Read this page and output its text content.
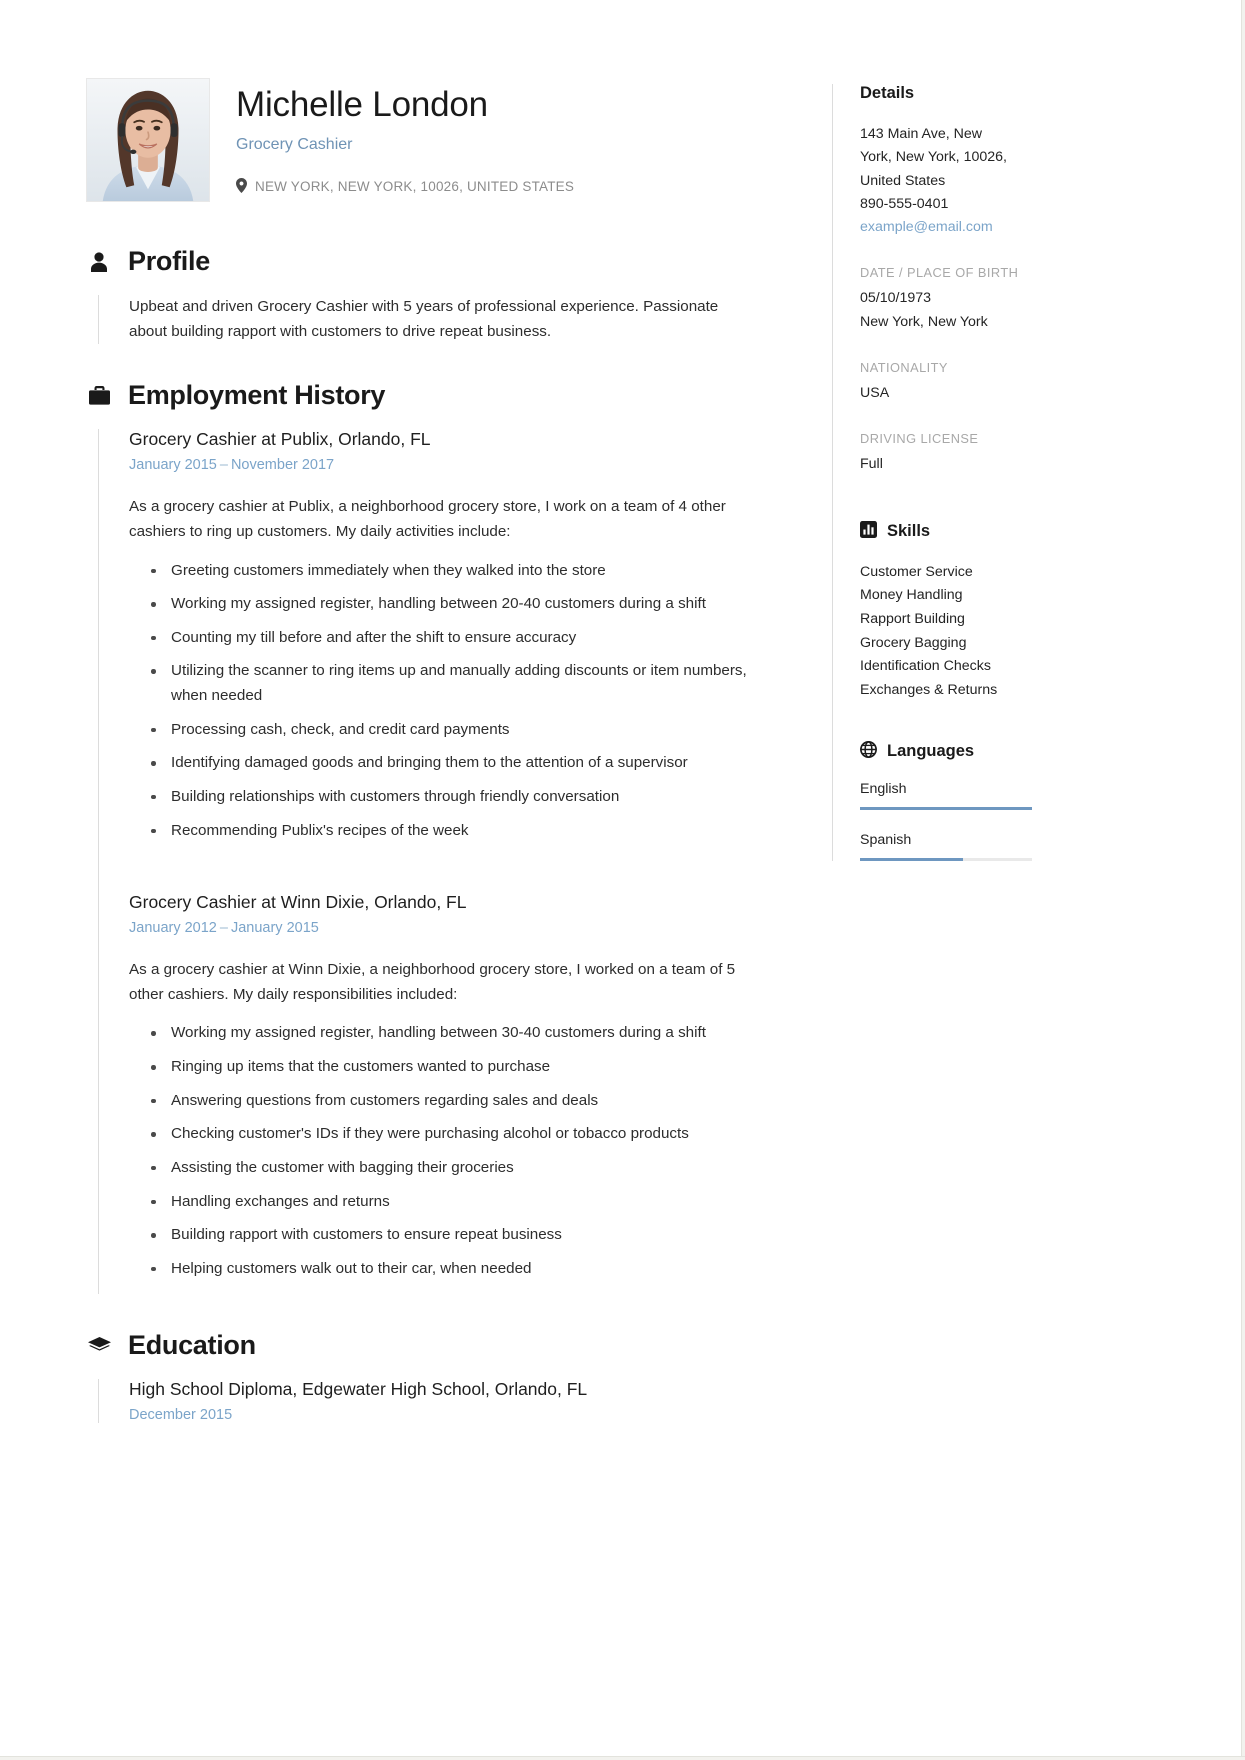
Michelle London
Grocery Cashier
NEW YORK, NEW YORK, 10026, UNITED STATES
Profile

Upbeat and driven Grocery Cashier with 5 years of professional experience. Passionate about building rapport with customers to drive repeat business.

Employment History
Grocery Cashier at Publix, Orlando, FL
January 2015 – November 2017
As a grocery cashier at Publix, a neighborhood grocery store, I work on a team of 4 other cashiers to ring up customers. My daily activities include:
Greeting customers immediately when they walked into the store
Working my assigned register, handling between 20-40 customers during a shift
Counting my till before and after the shift to ensure accuracy
Utilizing the scanner to ring items up and manually adding discounts or item numbers, when needed
Processing cash, check, and credit card payments
Identifying damaged goods and bringing them to the attention of a supervisor
Building relationships with customers through friendly conversation
Recommending Publix's recipes of the week
Grocery Cashier at Winn Dixie, Orlando, FL
January 2012 – January 2015
As a grocery cashier at Winn Dixie, a neighborhood grocery store, I worked on a team of 5 other cashiers. My daily responsibilities included:
Working my assigned register, handling between 30-40 customers during a shift
Ringing up items that the customers wanted to purchase
Answering questions from customers regarding sales and deals
Checking customer's IDs if they were purchasing alcohol or tobacco products
Assisting the customer with bagging their groceries
Handling exchanges and returns
Building rapport with customers to ensure repeat business
Helping customers walk out to their car, when needed
Education
High School Diploma, Edgewater High School, Orlando, FL
December 2015
Details
143 Main Ave, New
York, New York, 10026,
United States
890-555-0401
example@email.com
DATE / PLACE OF BIRTH
05/10/1973
New York, New York
NATIONALITY
USA
DRIVING LICENSE
Full
Skills
Customer Service
Money Handling
Rapport Building
Grocery Bagging
Identification Checks
Exchanges & Returns
Languages
English
Spanish
